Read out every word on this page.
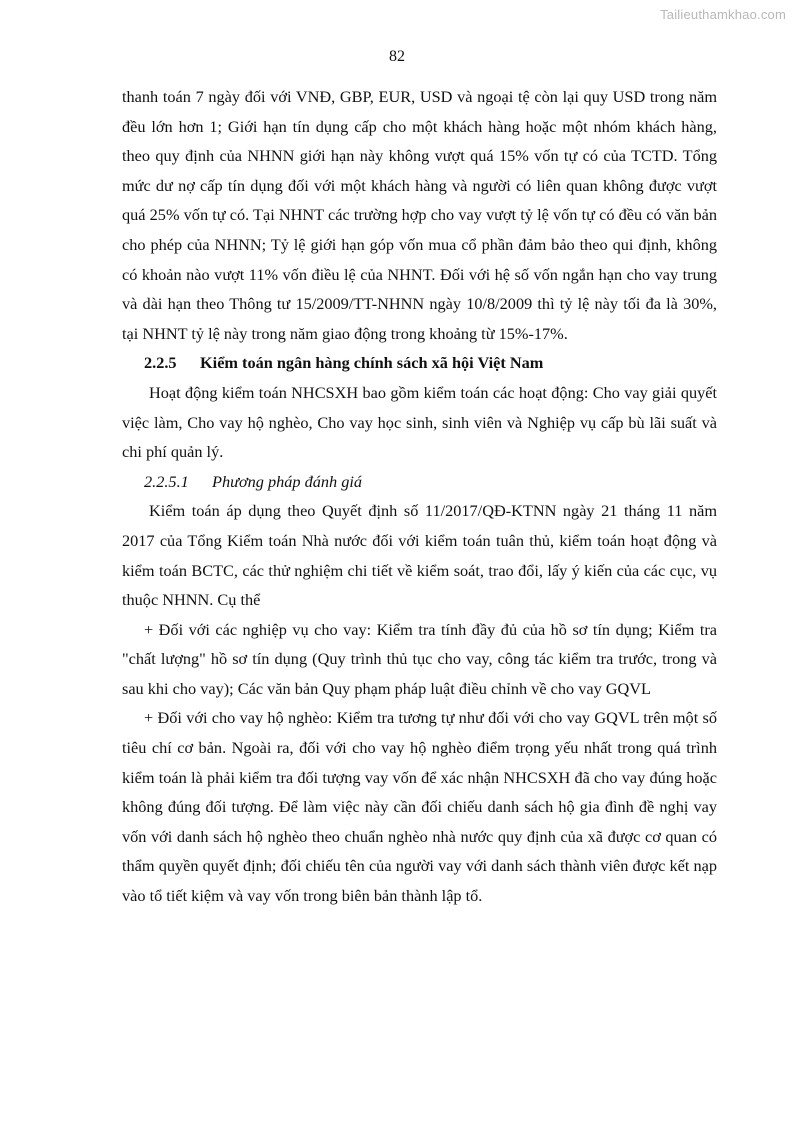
Tailieuthamkhao.com
82

thanh toán 7 ngày đối với VNĐ, GBP, EUR, USD và ngoại tệ còn lại quy USD trong năm đều lớn hơn 1; Giới hạn tín dụng cấp cho một khách hàng hoặc một nhóm khách hàng, theo quy định của NHNN giới hạn này không vượt quá 15% vốn tự có của TCTD. Tổng mức dư nợ cấp tín dụng đối với một khách hàng và người có liên quan không được vượt quá 25% vốn tự có. Tại NHNT các trường hợp cho vay vượt tỷ lệ vốn tự có đều có văn bản cho phép của NHNN; Tỷ lệ giới hạn góp vốn mua cổ phần đảm bảo theo qui định, không có khoản nào vượt 11% vốn điều lệ của NHNT. Đối với hệ số vốn ngắn hạn cho vay trung và dài hạn theo Thông tư 15/2009/TT-NHNN ngày 10/8/2009 thì tỷ lệ này tối đa là 30%, tại NHNT tỷ lệ này trong năm giao động trong khoảng từ 15%-17%.

2.2.5 Kiểm toán ngân hàng chính sách xã hội Việt Nam

Hoạt động kiểm toán NHCSXH bao gồm kiểm toán các hoạt động: Cho vay giải quyết việc làm, Cho vay hộ nghèo, Cho vay học sinh, sinh viên và Nghiệp vụ cấp bù lãi suất và chi phí quản lý.

2.2.5.1 Phương pháp đánh giá

Kiểm toán áp dụng theo Quyết định số 11/2017/QĐ-KTNN ngày 21 tháng 11 năm 2017 của Tổng Kiểm toán Nhà nước đối với kiểm toán tuân thủ, kiểm toán hoạt động và kiểm toán BCTC, các thử nghiệm chi tiết về kiểm soát, trao đổi, lấy ý kiến của các cục, vụ thuộc NHNN. Cụ thể

+ Đối với các nghiệp vụ cho vay: Kiểm tra tính đầy đủ của hồ sơ tín dụng; Kiểm tra "chất lượng" hồ sơ tín dụng (Quy trình thủ tục cho vay, công tác kiểm tra trước, trong và sau khi cho vay); Các văn bản Quy phạm pháp luật điều chỉnh về cho vay GQVL

+ Đối với cho vay hộ nghèo: Kiểm tra tương tự như đối với cho vay GQVL trên một số tiêu chí cơ bản. Ngoài ra, đối với cho vay hộ nghèo điểm trọng yếu nhất trong quá trình kiểm toán là phải kiểm tra đối tượng vay vốn để xác nhận NHCSXH đã cho vay đúng hoặc không đúng đối tượng. Để làm việc này cần đối chiếu danh sách hộ gia đình đề nghị vay vốn với danh sách hộ nghèo theo chuẩn nghèo nhà nước quy định của xã được cơ quan có thẩm quyền quyết định; đối chiếu tên của người vay với danh sách thành viên được kết nạp vào tổ tiết kiệm và vay vốn trong biên bản thành lập tổ.
